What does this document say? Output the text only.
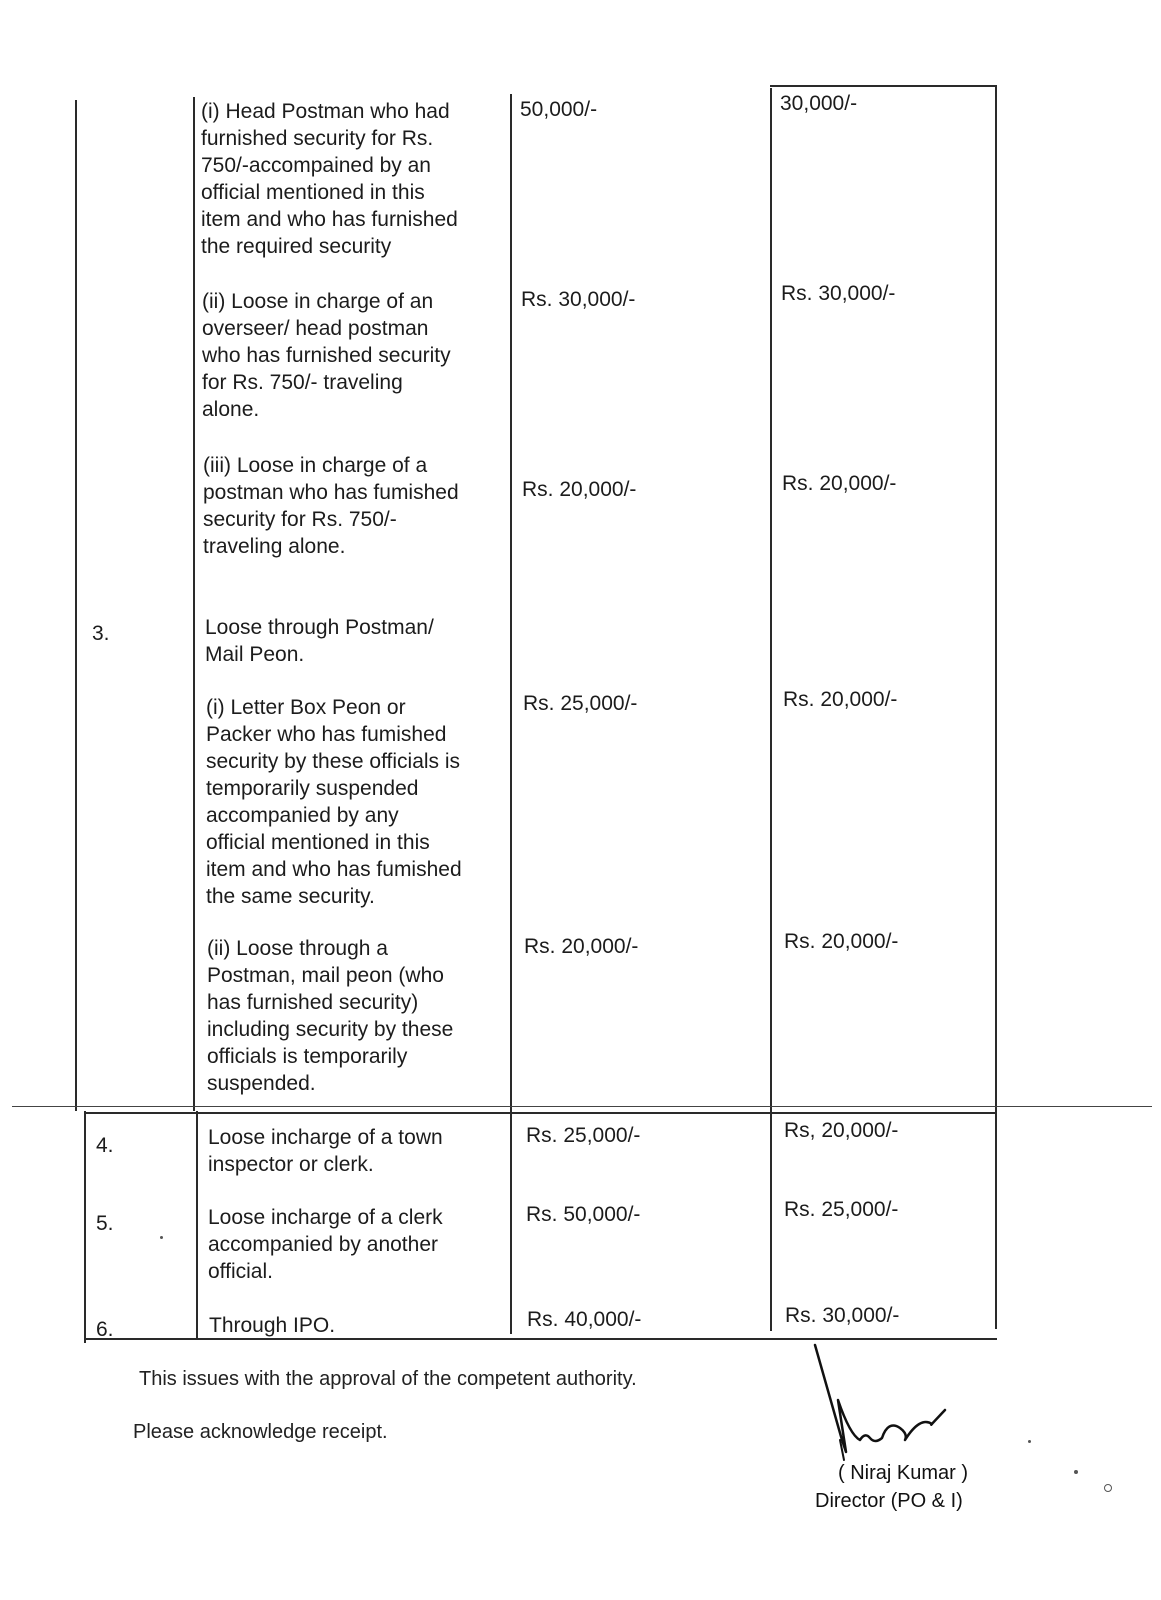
(i) Head Postman who had
furnished security for Rs.
750/-accompained by an
official mentioned in this
item and who has furnished
the required security
50,000/-	30,000/-
(ii) Loose in charge of an
overseer/ head postman
who has furnished security
for Rs. 750/- traveling
alone.
Rs. 30,000/-	Rs. 30,000/-
(iii) Loose in charge of a
postman who has fumished
security for Rs. 750/-
traveling alone.
Rs. 20,000/-	Rs. 20,000/-
3.	Loose through Postman/
Mail Peon.
(i) Letter Box Peon or
Packer who has fumished
security by these officials is
temporarily suspended
accompanied by any
official mentioned in this
item and who has fumished
the same security.
Rs. 25,000/-	Rs. 20,000/-
(ii) Loose through a
Postman, mail peon (who
has furnished security)
including security by these
officials is temporarily
suspended.
Rs. 20,000/-	Rs. 20,000/-
4.	Loose incharge of a town
inspector or clerk.
Rs. 25,000/-	Rs, 20,000/-
5.	Loose incharge of a clerk
accompanied by another
official.
Rs. 50,000/-	Rs. 25,000/-
6.	Through IPO.	Rs. 40,000/-	Rs. 30,000/-
This issues with the approval of the competent authority.
Please acknowledge receipt.
( Niraj Kumar )
Director (PO & I)
